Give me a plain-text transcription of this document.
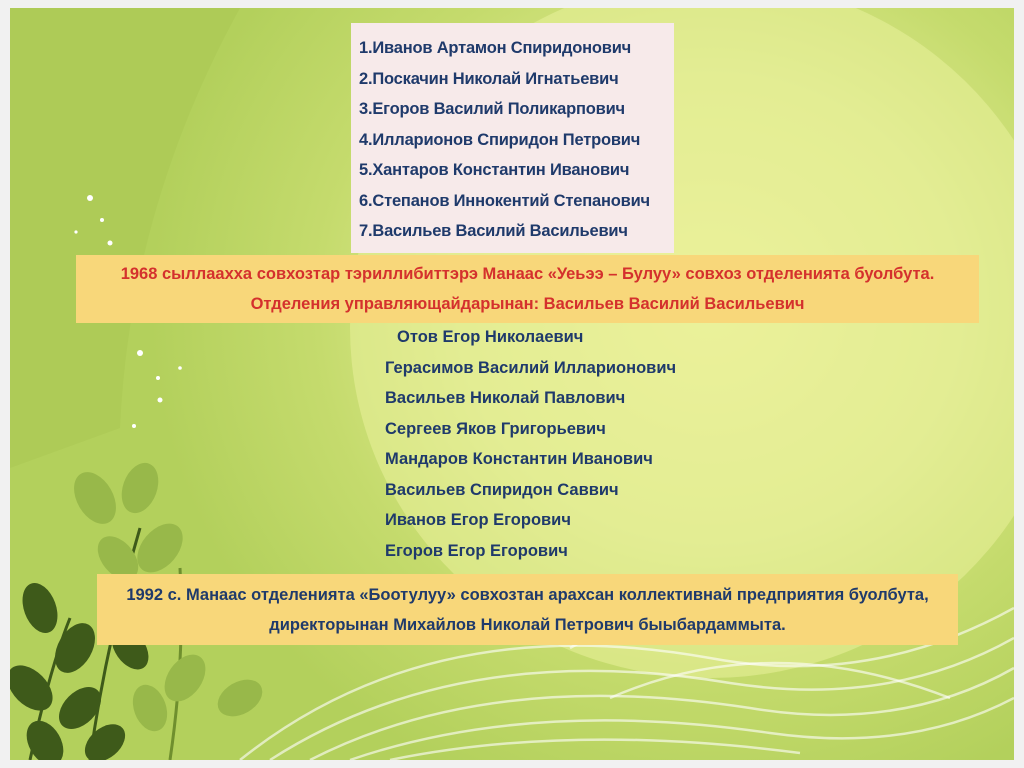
1.Иванов Артамон Спиридонович
2.Поскачин Николай Игнатьевич
3.Егоров Василий Поликарпович
4.Илларионов Спиридон Петрович
5.Хантаров Константин Иванович
6.Степанов Иннокентий Степанович
7.Васильев Василий Васильевич
1968 сыллаахха совхозтар тэриллибиттэрэ Манаас «Уеьээ – Булуу» совхоз отделенията буолбута.
Отделения управляющайдарынан: Васильев Василий Васильевич
Отов Егор Николаевич
Герасимов Василий Илларионович
Васильев Николай Павлович
Сергеев Яков Григорьевич
Мандаров Константин Иванович
Васильев Спиридон Саввич
Иванов Егор Егорович
Егоров Егор Егорович
1992 с. Манаас отделенията «Боотулуу» совхозтан арахсан коллективнай предприятия буолбута,
директорынан Михайлов Николай Петрович быыбардаммыта.
